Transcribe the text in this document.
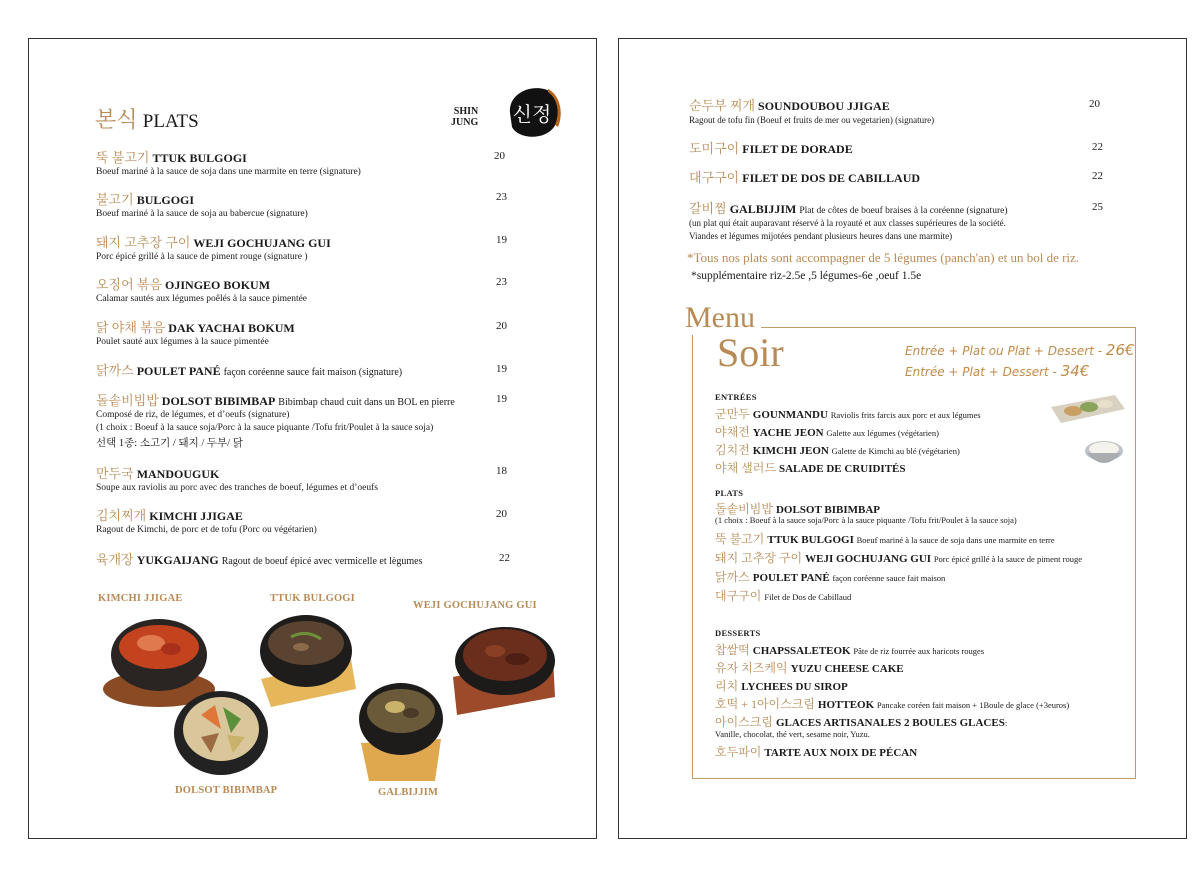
본식 PLATS	SHIN
JUNG 신정
뚝 불고기 TTUK BULGOGI
Boeuf mariné à la sauce de soja dans une marmite en terre (signature)
20
불고기 BULGOGI
Boeuf mariné à la sauce de soja au babercue (signature)
23
돼지 고추장 구이 WEJI GOCHUJANG GUI
Porc épicé grillé à la sauce de piment rouge (signature )
19
오징어 볶음 OJINGEO BOKUM
Calamar sautés aux légumes poêlés à la sauce pimentée
23
닭 야채 볶음 DAK YACHAI BOKUM
Poulet sauté aux légumes à la sauce pimentée
20
닭까스 POULET PANÉ façon coréenne sauce fait maison (signature)	19
돌솥비빔밥 DOLSOT BIBIMBAP Bibimbap chaud cuit dans un BOL en pierre
Composé de riz, de légumes, et d’oeufs (signature)
(1 choix : Boeuf à la sauce soja/Porc à la sauce piquante /Tofu frit/Poulet à la sauce soja)
선택 1종: 소고기 / 돼지 / 두부/ 닭
19
만두국 MANDOUGUK
Soupe aux raviolis au porc avec des tranches de boeuf, légumes et d’oeufs
18
김치찌개 KIMCHI JJIGAE
Ragout de Kimchi, de porc et de tofu (Porc ou végétarien)
20
육개장 YUKGAIJANG Ragout de boeuf épicé avec vermicelle et lègumes	22
KIMCHI JJIGAE	TTUK BULGOGI
WEJI GOCHUJANG GUI
DOLSOT BIBIMBAP	GALBIJJIM
순두부 찌개 SOUNDOUBOU JJIGAE
Ragout de tofu fin (Boeuf et fruits de mer ou vegetarien) (signature)
20
도미구이 FILET DE DORADE	22
대구구이 FILET DE DOS DE CABILLAUD	22
갈비찜 GALBIJJIM Plat de côtes de boeuf braises à la coréenne (signature)
(un plat qui était auparavant réservé à la royauté et aux classes supérieures de la société.
Viandes et légumes mijotées pendant plusieurs heures dans une marmite)
25
*Tous nos plats sont accompagner de 5 légumes (panch'an) et un bol de riz.
*supplémentaire riz-2.5e ,5 légumes-6e ,oeuf 1.5e
Menu
Soir	Entrée + Plat ou Plat + Dessert - 26€
Entrée + Plat + Dessert - 34€
ENTRÉES
군만두 GOUNMANDU Raviolis frits farcis aux porc et aux légumes
야채전 YACHE JEON Galette aux légumes (végétarien)
김치전 KIMCHI JEON Galette de Kimchi au blé (végétarien)
야채 샐러드 SALADE DE CRUIDITÉS
PLATS
돌솥비빔밥 DOLSOT BIBIMBAP
(1 choix : Boeuf à la sauce soja/Porc à la sauce piquante /Tofu frit/Poulet à la sauce soja)
뚝 불고기 TTUK BULGOGI Boeuf mariné à la sauce de soja dans une marmite en terre
돼지 고추장 구이 WEJI GOCHUJANG GUI Porc épicé grillé à la sauce de piment rouge
닭까스 POULET PANÉ façon coréenne sauce fait maison
대구구이 Filet de Dos de Cabillaud
DESSERTS
찹쌀떡 CHAPSSALETEOK Pâte de riz fourrée aux haricots rouges
유자 치즈케익 YUZU CHEESE CAKE
리치 LYCHEES DU SIROP
호떡 + 1아이스크림 HOTTEOK Pancake coréen fait maison + 1Boule de glace (+3euros)
아이스크림 GLACES ARTISANALES 2 BOULES GLACES:
Vanille, chocolat, thé vert, sesame noir, Yuzu.
호두파이 TARTE AUX NOIX DE PÉCAN
